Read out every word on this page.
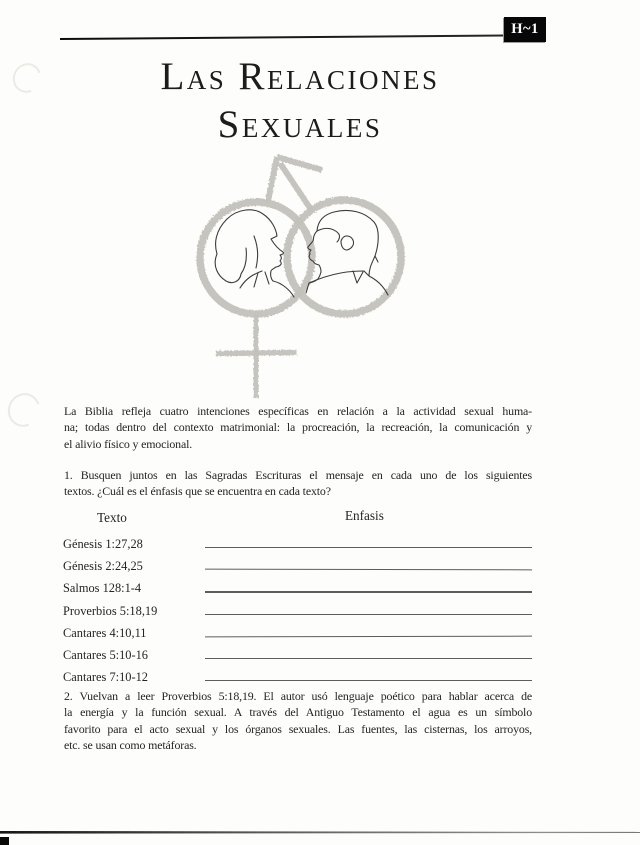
H~1
Las Relaciones
Sexuales
La Biblia refleja cuatro intenciones específicas en relación a la actividad sexual huma-
na; todas dentro del contexto matrimonial: la procreación, la recreación, la comunicación y
el alivio físico y emocional.
1. Busquen juntos en las Sagradas Escrituras el mensaje en cada uno de los siguientes
textos. ¿Cuál es el énfasis que se encuentra en cada texto?
Texto	Enfasis
Génesis 1:27,28
Génesis 2:24,25
Salmos 128:1-4
Proverbios 5:18,19
Cantares 4:10,11
Cantares 5:10-16
Cantares 7:10-12
2. Vuelvan a leer Proverbios 5:18,19. El autor usó lenguaje poético para hablar acerca de
la energía y la función sexual. A través del Antiguo Testamento el agua es un símbolo
favorito para el acto sexual y los órganos sexuales. Las fuentes, las cisternas, los arroyos,
etc. se usan como metáforas.
